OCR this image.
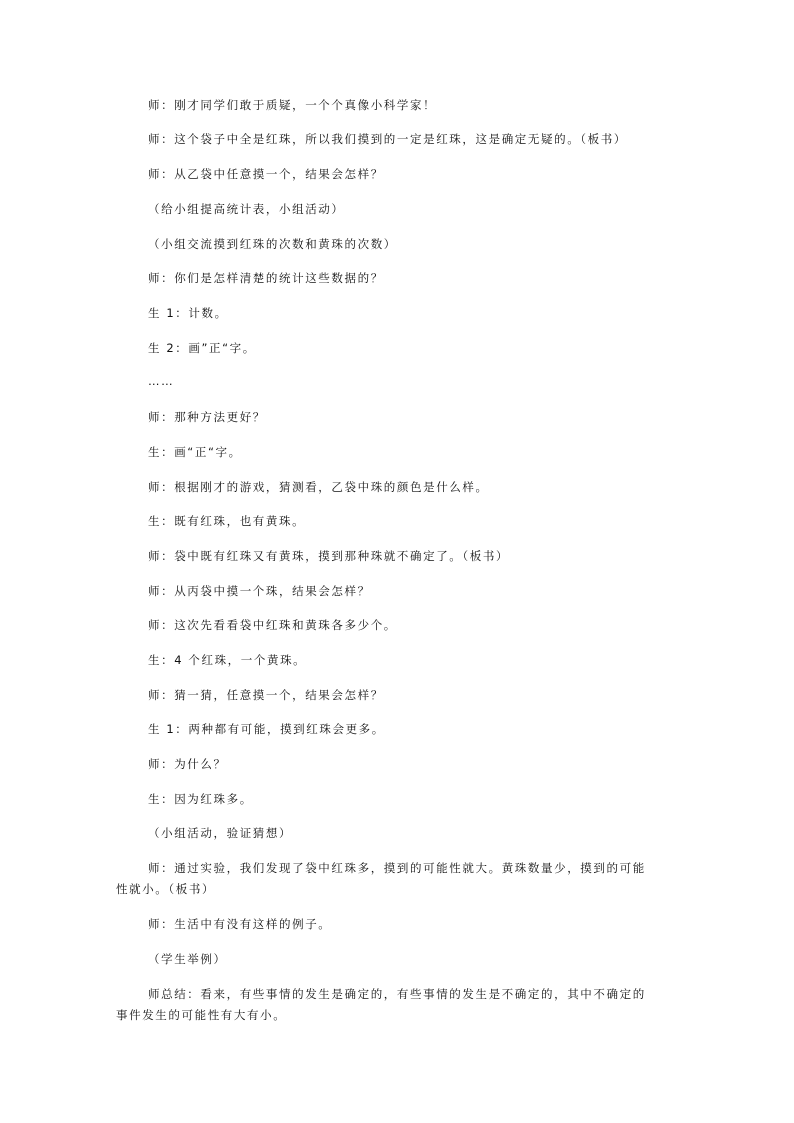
师：刚才同学们敢于质疑，一个个真像小科学家！
师：这个袋子中全是红珠，所以我们摸到的一定是红珠，这是确定无疑的。（板书）
师：从乙袋中任意摸一个，结果会怎样？
（给小组提高统计表，小组活动）
（小组交流摸到红珠的次数和黄珠的次数）
师：你们是怎样清楚的统计这些数据的？
生 1：计数。
生 2：画”正“字。
……
师：那种方法更好？
生：画“正“字。
师：根据刚才的游戏，猜测看，乙袋中珠的颜色是什么样。
生：既有红珠，也有黄珠。
师：袋中既有红珠又有黄珠，摸到那种珠就不确定了。（板书）
师：从丙袋中摸一个珠，结果会怎样？
师：这次先看看袋中红珠和黄珠各多少个。
生：4 个红珠，一个黄珠。
师：猜一猜，任意摸一个，结果会怎样？
生 1：两种都有可能，摸到红珠会更多。
师：为什么？
生：因为红珠多。
（小组活动，验证猜想）
师：通过实验，我们发现了袋中红珠多，摸到的可能性就大。黄珠数量少，摸到的可能
性就小。（板书）
师：生活中有没有这样的例子。
（学生举例）
师总结：看来，有些事情的发生是确定的，有些事情的发生是不确定的，其中不确定的
事件发生的可能性有大有小。
